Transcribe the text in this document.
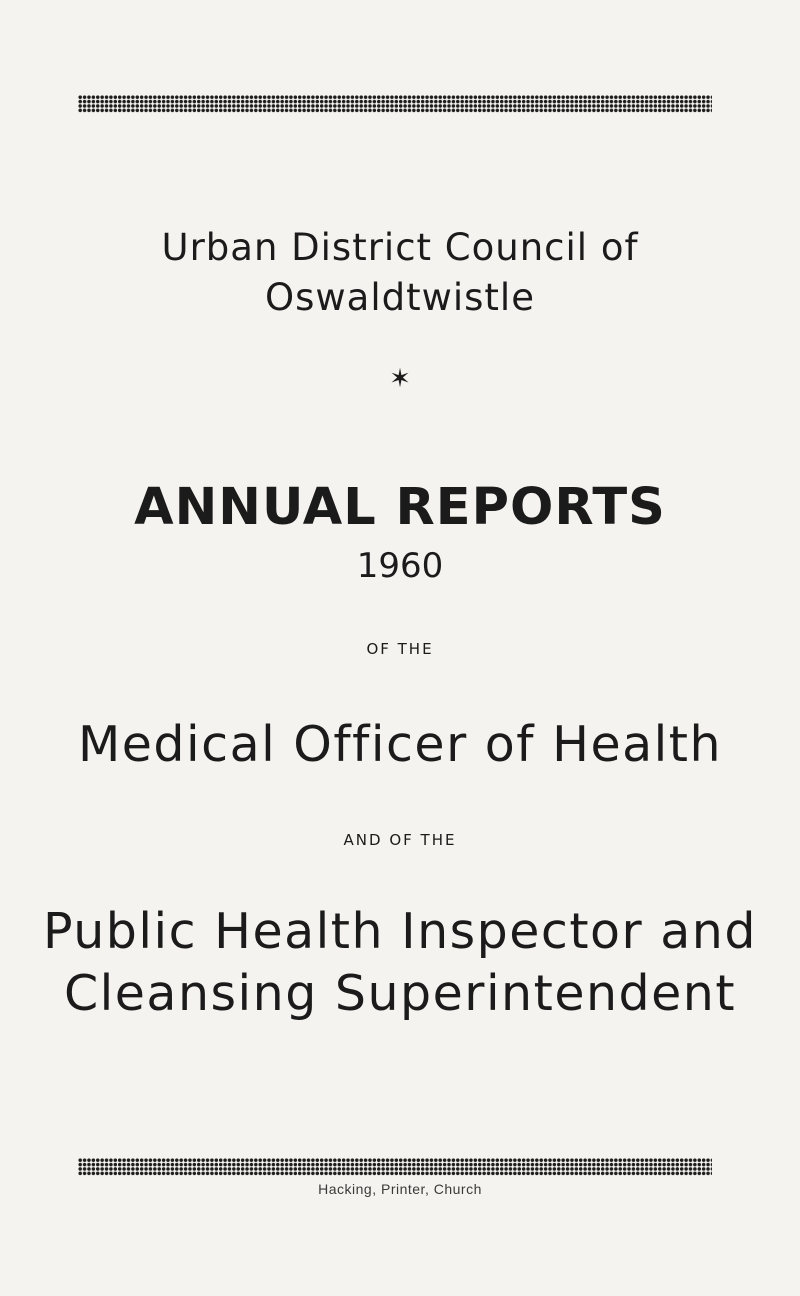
Urban District Council of
Oswaldtwistle
✶
ANNUAL REPORTS
1960
OF THE
Medical Officer of Health
AND OF THE
Public Health Inspector and
Cleansing Superintendent
Hacking, Printer, Church
